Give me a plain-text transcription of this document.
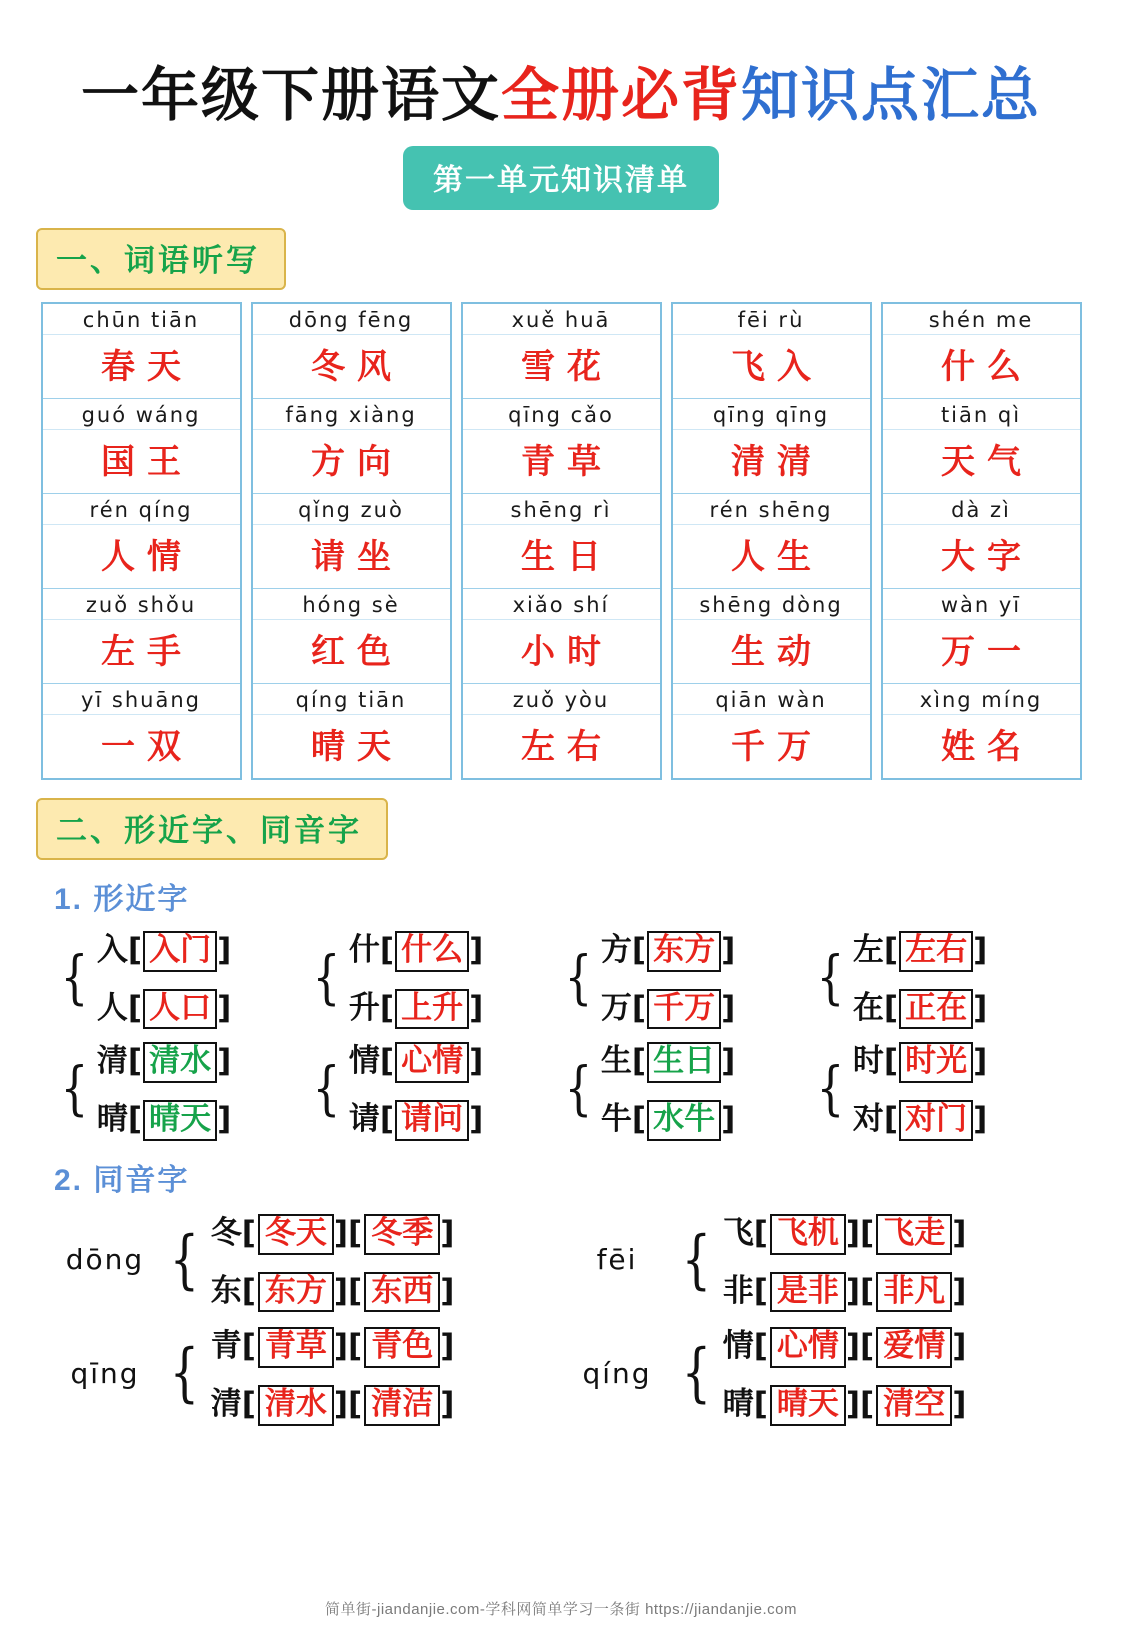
一年级下册语文全册必背知识点汇总
第一单元知识清单
一、词语听写
chūn tiān
春天
guó wáng
国王
rén qíng
人情
zuǒ shǒu
左手
yī shuāng
一双
dōng fēng
冬风
fāng xiàng
方向
qǐng zuò
请坐
hóng sè
红色
qíng tiān
晴天
xuě huā
雪花
qīng cǎo
青草
shēng rì
生日
xiǎo shí
小时
zuǒ yòu
左右
fēi rù
飞入
qīng qīng
清清
rén shēng
人生
shēng dòng
生动
qiān wàn
千万
shén me
什么
tiān qì
天气
dà zì
大字
wàn yī
万一
xìng míng
姓名
二、形近字、同音字
1. 形近字
{ 入[ 入门 ]
人[ 人口 ] { 什[ 什么 ]
升[ 上升 ] { 方[ 东方 ]
万[ 千万 ] { 左[ 左右 ]
在[ 正在 ]
{ 清[ 清水 ]
晴[ 晴天 ] { 情[ 心情 ]
请[ 请问 ] { 生[ 生日 ]
牛[ 水牛 ] { 时[ 时光 ]
对[ 对门 ]
2. 同音字
dōng { 冬[ 冬天 ][ 冬季 ]
东[ 东方 ][ 东西 ]
fēi { 飞[ 飞机 ][ 飞走 ]
非[ 是非 ][ 非凡 ]
qīng { 青[ 青草 ][ 青色 ]
清[ 清水 ][ 清洁 ]
qíng { 情[ 心情 ][ 爱情 ]
晴[ 晴天 ][ 清空 ]
简单街-jiandanjie.com-学科网简单学习一条街 https://jiandanjie.com
